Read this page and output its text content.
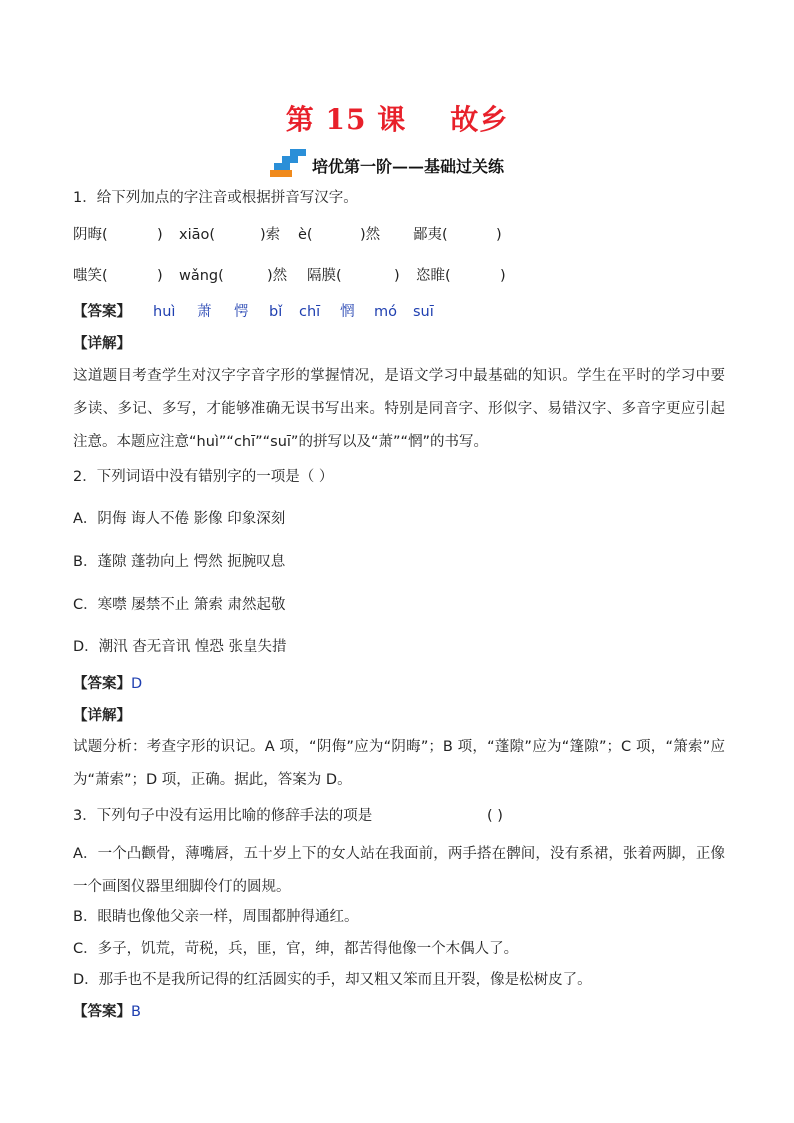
第 15 课 故乡
培优第一阶——基础过关练
1．给下列加点的字注音或根据拼音写汉字。
阴晦(	) xiāo(	)索 è(	)然 鄙夷(	)
嗤笑(	) wǎng(	)然 隔膜(	) 恣睢(	)
【答案】 huì 萧 愕 bǐ chī 惘 mó suī
【详解】
这道题目考查学生对汉字字音字形的掌握情况，是语文学习中最基础的知识。学生在平时的学习中要多读、多记、多写，才能够准确无误书写出来。特别是同音字、形似字、易错汉字、多音字更应引起注意。本题应注意“huì”“chī”“suī”的拼写以及“萧”“惘”的书写。
2．下列词语中没有错别字的一项是（ ）
A．阴侮 诲人不倦 影像 印象深刻
B．蓬隙 蓬勃向上 愕然 扼腕叹息
C．寒噤 屡禁不止 箫索 肃然起敬
D．潮汛 杳无音讯 惶恐 张皇失措
【答案】D
【详解】
试题分析：考查字形的识记。A 项，“阴侮”应为“阴晦”；B 项，“蓬隙”应为“篷隙”；C 项，“箫索”应为“萧索”；D 项，正确。据此，答案为 D。
3．下列句子中没有运用比喻的修辞手法的项是	( )
A．一个凸颧骨，薄嘴唇，五十岁上下的女人站在我面前，两手搭在髀间，没有系裙，张着两脚，正像一个画图仪器里细脚伶仃的圆规。
B．眼睛也像他父亲一样，周围都肿得通红。
C．多子，饥荒，苛税，兵，匪，官，绅，都苦得他像一个木偶人了。
D．那手也不是我所记得的红活圆实的手，却又粗又笨而且开裂，像是松树皮了。
【答案】B
